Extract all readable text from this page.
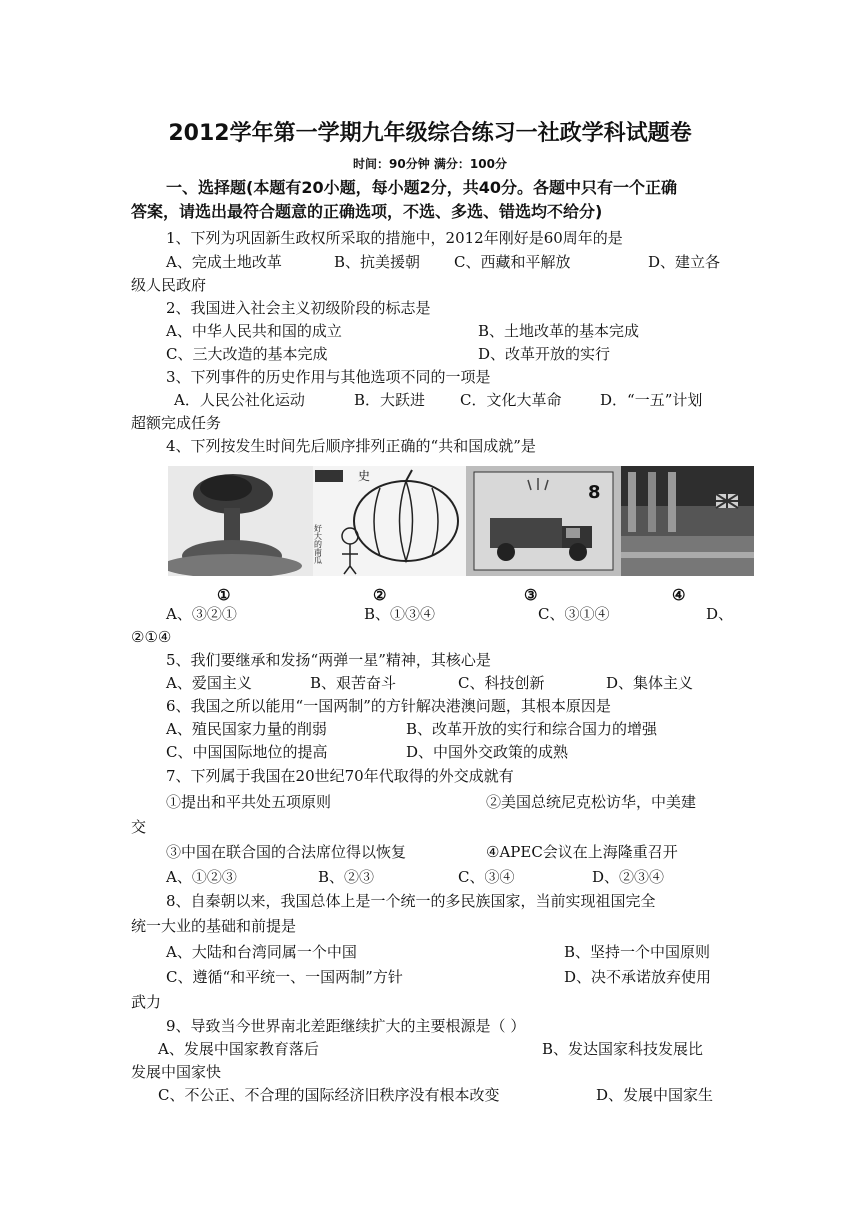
2012学年第一学期九年级综合练习一社政学科试题卷
时间：90分钟 满分：100分
一、选择题(本题有20小题，每小题2分，共40分。各题中只有一个正确
答案，请选出最符合题意的正确选项，不选、多选、错选均不给分)
1、下列为巩固新生政权所采取的措施中，2012年刚好是60周年的是
A、完成土地改革	B、抗美援朝 C、西藏和平解放	D、建立各
级人民政府
2、我国进入社会主义初级阶段的标志是
A、中华人民共和国的成立	B、土地改革的基本完成
C、三大改造的基本完成	D、改革开放的实行
3、下列事件的历史作用与其他选项不同的一项是
A．人民公社化运动	B．大跃进 C．文化大革命	D．“一五”计划
超额完成任务
4、下列按发生时间先后顺序排列正确的“共和国成就”是
史
好大的南瓜
8
①	②	③	④
A、③②①	B、①③④	C、③①④	D、
②①④
5、我们要继承和发扬“两弹一星”精神，其核心是
A、爱国主义	B、艰苦奋斗	C、科技创新	D、集体主义
6、我国之所以能用“一国两制”的方针解决港澳问题，其根本原因是
A、殖民国家力量的削弱	B、改革开放的实行和综合国力的增强
C、中国国际地位的提高	D、中国外交政策的成熟
7、下列属于我国在20世纪70年代取得的外交成就有
①提出和平共处五项原则	②美国总统尼克松访华，中美建
交
③中国在联合国的合法席位得以恢复	④APEC会议在上海隆重召开
A、①②③	B、②③	C、③④	D、②③④
8、自秦朝以来，我国总体上是一个统一的多民族国家，当前实现祖国完全
统一大业的基础和前提是
A、大陆和台湾同属一个中国	B、坚持一个中国原则
C、遵循“和平统一、一国两制”方针	D、决不承诺放弃使用
武力
9、导致当今世界南北差距继续扩大的主要根源是（ ）
A、发展中国家教育落后	B、发达国家科技发展比
发展中国家快
C、不公正、不合理的国际经济旧秩序没有根本改变	D、发展中国家生
